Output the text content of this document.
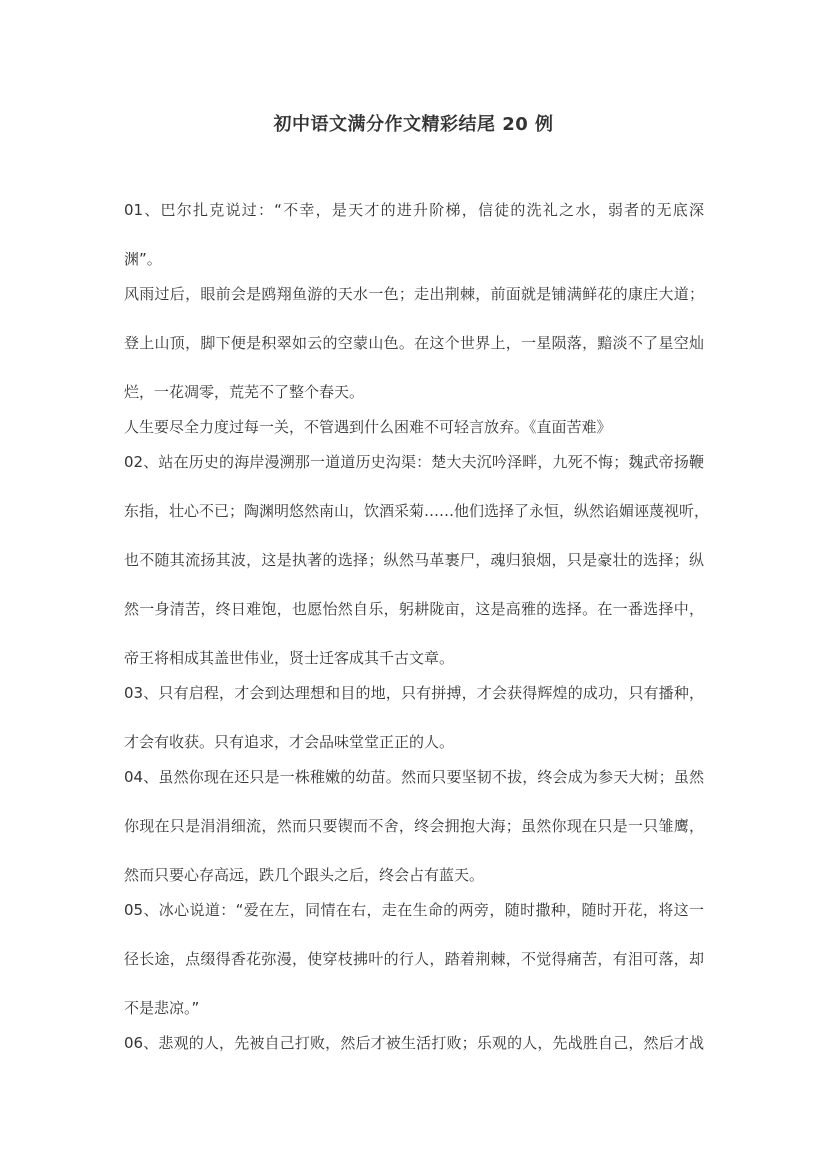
初中语文满分作文精彩结尾 20 例
01、巴尔扎克说过：“不幸，是天才的进升阶梯，信徒的洗礼之水，弱者的无底深
渊”。
风雨过后，眼前会是鸥翔鱼游的天水一色；走出荆棘，前面就是铺满鲜花的康庄大道；
登上山顶，脚下便是积翠如云的空蒙山色。在这个世界上，一星陨落，黯淡不了星空灿
烂，一花凋零，荒芜不了整个春天。
人生要尽全力度过每一关，不管遇到什么困难不可轻言放弃。《直面苦难》
02、站在历史的海岸漫溯那一道道历史沟渠：楚大夫沉吟泽畔，九死不悔；魏武帝扬鞭
东指，壮心不已；陶渊明悠然南山，饮酒采菊……他们选择了永恒，纵然谄媚诬蔑视听，
也不随其流扬其波，这是执著的选择；纵然马革裹尸，魂归狼烟，只是豪壮的选择；纵
然一身清苦，终日难饱，也愿怡然自乐，躬耕陇亩，这是高雅的选择。在一番选择中，
帝王将相成其盖世伟业，贤士迁客成其千古文章。
03、只有启程，才会到达理想和目的地，只有拼搏，才会获得辉煌的成功，只有播种，
才会有收获。只有追求，才会品味堂堂正正的人。
04、虽然你现在还只是一株稚嫩的幼苗。然而只要坚韧不拔，终会成为参天大树；虽然
你现在只是涓涓细流，然而只要锲而不舍，终会拥抱大海；虽然你现在只是一只雏鹰，
然而只要心存高远，跌几个跟头之后，终会占有蓝天。
05、冰心说道：“爱在左，同情在右，走在生命的两旁，随时撒种，随时开花，将这一
径长途，点缀得香花弥漫，使穿枝拂叶的行人，踏着荆棘，不觉得痛苦，有泪可落，却
不是悲凉。”
06、悲观的人，先被自己打败，然后才被生活打败；乐观的人，先战胜自己，然后才战
